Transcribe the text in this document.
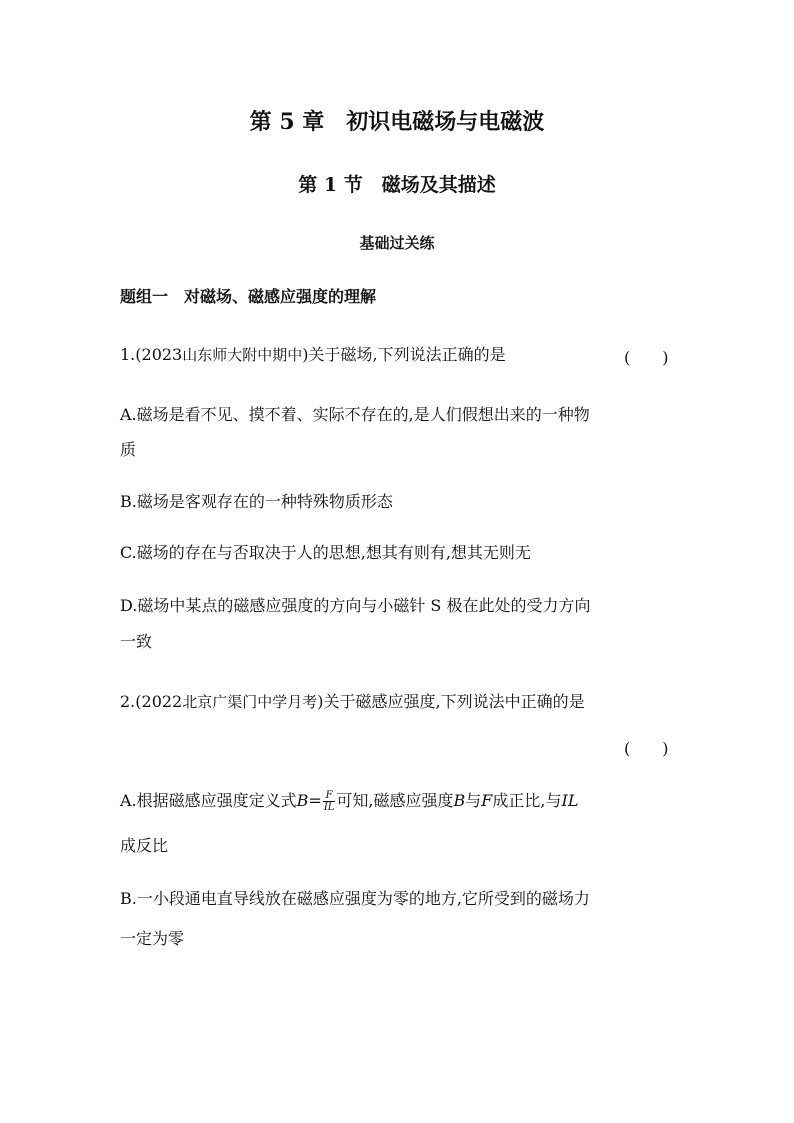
第 5 章　初识电磁场与电磁波
第 1 节　磁场及其描述
基础过关练
题组一　对磁场、磁感应强度的理解
1.(2023山东师大附中期中)关于磁场,下列说法正确的是	(　　)
A.磁场是看不见、摸不着、实际不存在的,是人们假想出来的一种物
质
B.磁场是客观存在的一种特殊物质形态
C.磁场的存在与否取决于人的思想,想其有则有,想其无则无
D.磁场中某点的磁感应强度的方向与小磁针 S 极在此处的受力方向
一致
2.(2022北京广渠门中学月考)关于磁感应强度,下列说法中正确的是
(　　)
A.根据磁感应强度定义式$B= \frac{F}{IL}$ 可知,磁感应强度B与F成正比,与IL
成反比
B.一小段通电直导线放在磁感应强度为零的地方,它所受到的磁场力
一定为零
